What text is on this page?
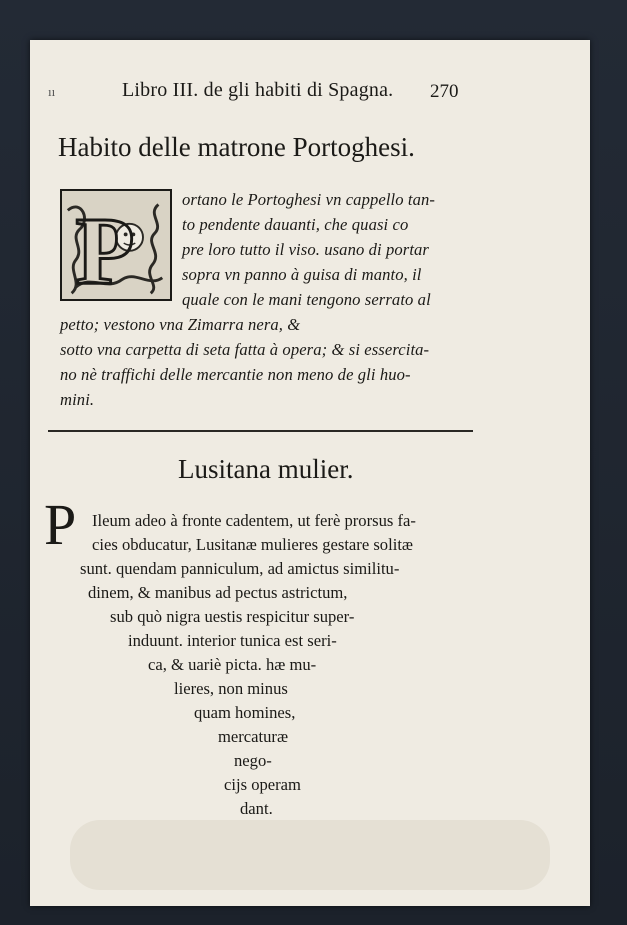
ıı	Libro III. de gli habiti di Spagna. 270
Habito delle matrone Portoghesi.
P	ortano le Portoghesi vn cappello tan-
to pendente dauanti, che quasi co
pre loro tutto il viso. usano di portar
sopra vn panno à guisa di manto, il
quale con le mani tengono serrato al
petto; vestono vna Zimarra nera, &
sotto vna carpetta di seta fatta à opera; & si essercita-
no nè traffichi delle mercantie non meno de gli huo-
mini.
Lusitana mulier.
P Ileum adeo à fronte cadentem, ut ferè prorsus fa-
cies obducatur, Lusitanæ mulieres gestare solitæ
sunt. quendam panniculum, ad amictus similitu-
dinem, & manibus ad pectus astrictum,
sub quò nigra uestis respicitur super-
induunt. interior tunica est seri-
ca, & uariè picta. hæ mu-
lieres, non minus
quam homines,
mercaturæ
nego-
cijs operam
dant.
